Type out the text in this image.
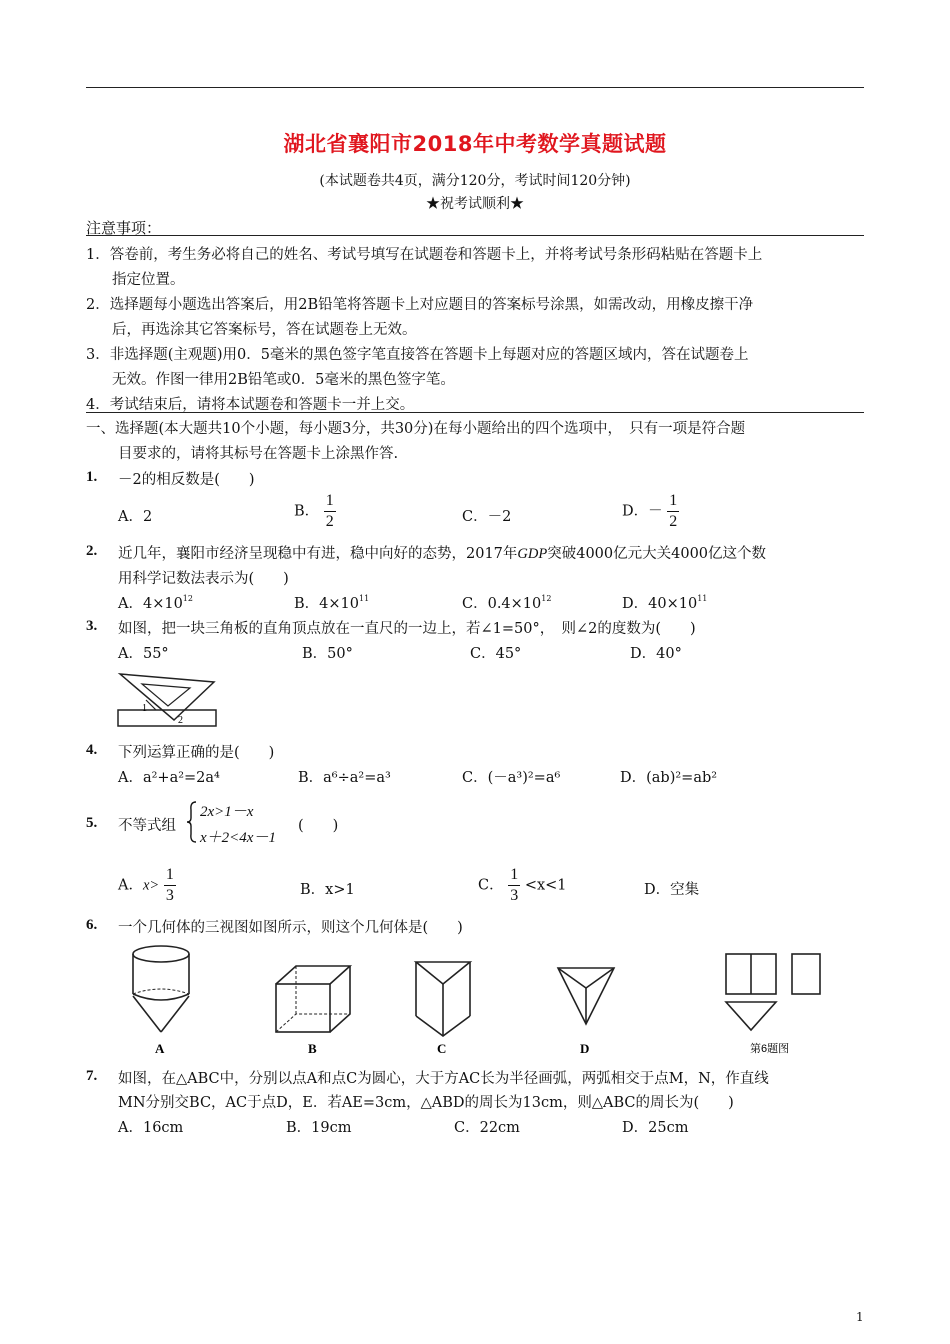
湖北省襄阳市2018年中考数学真题试题
(本试题卷共4页，满分120分，考试时间120分钟)
★祝考试顺利★
注意事项：
1．答卷前，考生务必将自己的姓名、考试号填写在试题卷和答题卡上，并将考试号条形码粘贴在答题卡上
指定位置。
2．选择题每小题选出答案后，用2B铅笔将答题卡上对应题目的答案标号涂黑，如需改动，用橡皮擦干净
后，再选涂其它答案标号，答在试题卷上无效。
3．非选择题(主观题)用0．5毫米的黑色签字笔直接答在答题卡上每题对应的答题区域内，答在试题卷上
无效。作图一律用2B铅笔或0．5毫米的黑色签字笔。
4．考试结束后，请将本试题卷和答题卡一并上交。
一、选择题(本大题共10个小题，每小题3分，共30分)在每小题给出的四个选项中，　只有一项是符合题
目要求的，请将其标号在答题卡上涂黑作答.
1. －2的相反数是(　　)
A．2	B． $\frac{1}{2}$	C．－2	D．－ $\frac{1}{2}$
2. 近几年，襄阳市经济呈现稳中有进，稳中向好的态势，2017年GDP突破4000亿元大关4000亿这个数
用科学记数法表示为(　　)
A．$4\times 10^{12}$	B．$4\times 10^{11}$	C．$0.4\times 10^{12}$	D．$40\times 10^{11}$
3. 如图，把一块三角板的直角顶点放在一直尺的一边上，若∠1=50°，　则∠2的度数为(　　)
A．55°	B．50°	C．45°	D．40°
1
2
4. 下列运算正确的是(　　)
A．a²+a²=2a⁴	B．a⁶÷a²=a³	C．(－a³)²=a⁶	D．(ab)²=ab²
5. 不等式组
2x>1－x
x＋2<4x－1
(　　)
A．$x> \frac{1}{3}$	B．x>1	C． $\frac{1}{3} <x<1$	D．空集
6. 一个几何体的三视图如图所示，则这个几何体是(　　)
A	B	C	D	第6题图
7. 如图，在△ABC中，分别以点A和点C为圆心，大于方AC长为半径画弧，两弧相交于点M，N，作直线
MN分别交BC，AC于点D，E．若AE=3cm，△ABD的周长为13cm，则△ABC的周长为(　　)
A．16cm	B．19cm	C．22cm	D．25cm
1
